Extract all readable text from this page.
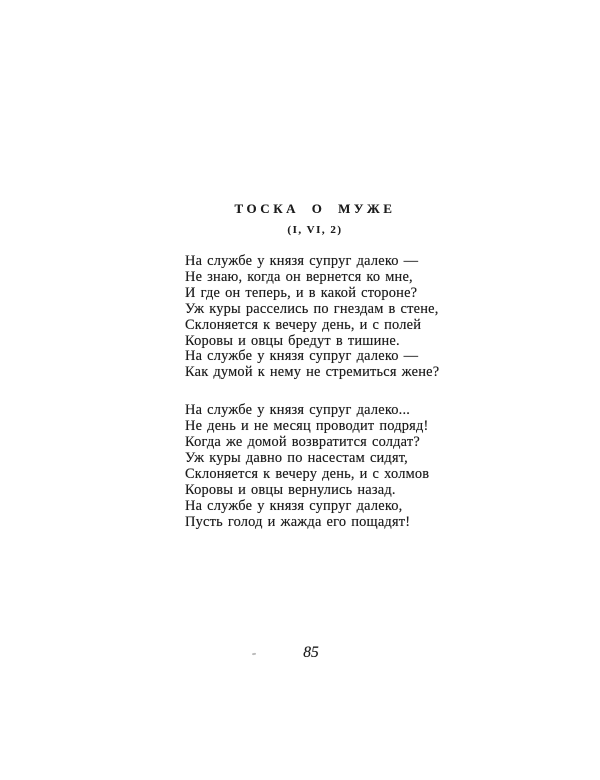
ТОСКА О МУЖЕ
(I, VI, 2)
На службе у князя супруг далеко —
Не знаю, когда он вернется ко мне,
И где он теперь, и в какой стороне?
Уж куры расселись по гнездам в стене,
Склоняется к вечеру день, и с полей
Коровы и овцы бредут в тишине.
На службе у князя супруг далеко —
Как думой к нему не стремиться жене?
На службе у князя супруг далеко...
Не день и не месяц проводит подряд!
Когда же домой возвратится солдат?
Уж куры давно по насестам сидят,
Склоняется к вечеру день, и с холмов
Коровы и овцы вернулись назад.
На службе у князя супруг далеко,
Пусть голод и жажда его пощадят!
85
